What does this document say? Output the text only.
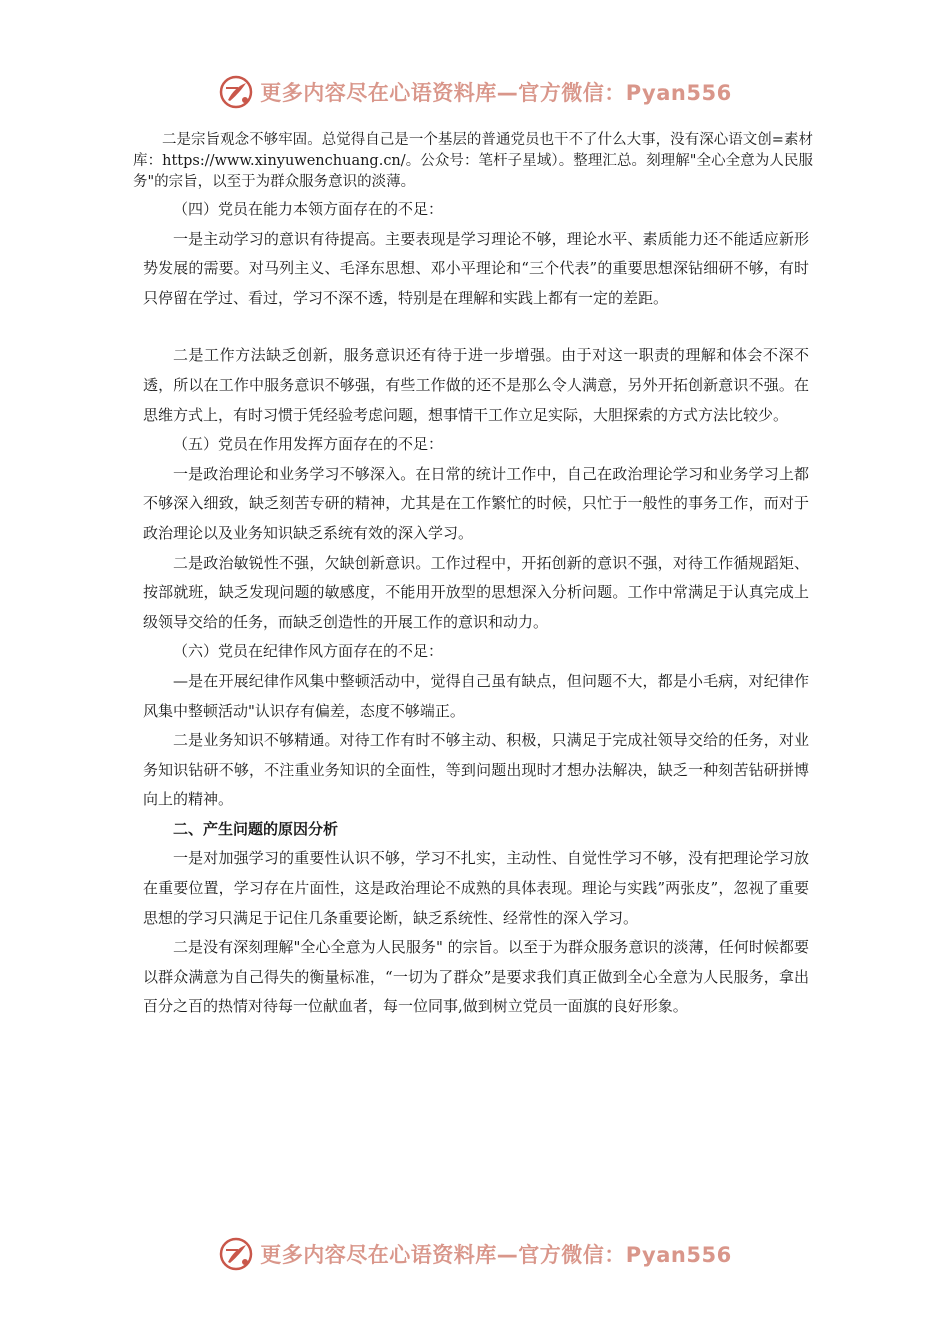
更多内容尽在心语资料库—官方微信：Pyan556

二是宗旨观念不够牢固。总觉得自己是一个基层的普通党员也干不了什么大事，没有深心语文创=素材库：https://www.xinyuwenchuang.cn/。公众号：笔杆子星域）。整理汇总。刻理解"全心全意为人民服务"的宗旨，以至于为群众服务意识的淡薄。

（四）党员在能力本领方面存在的不足：

一是主动学习的意识有待提高。主要表现是学习理论不够，理论水平、素质能力还不能适应新形势发展的需要。对马列主义、毛泽东思想、邓小平理论和“三个代表”的重要思想深钻细研不够，有时只停留在学过、看过，学习不深不透，特别是在理解和实践上都有一定的差距。

二是工作方法缺乏创新，服务意识还有待于进一步增强。由于对这一职责的理解和体会不深不透，所以在工作中服务意识不够强，有些工作做的还不是那么令人满意，另外开拓创新意识不强。在思维方式上，有时习惯于凭经验考虑问题，想事情干工作立足实际，大胆探索的方式方法比较少。

（五）党员在作用发挥方面存在的不足：

一是政治理论和业务学习不够深入。在日常的统计工作中，自己在政治理论学习和业务学习上都不够深入细致，缺乏刻苦专研的精神，尤其是在工作繁忙的时候，只忙于一般性的事务工作，而对于政治理论以及业务知识缺乏系统有效的深入学习。

二是政治敏锐性不强，欠缺创新意识。工作过程中，开拓创新的意识不强，对待工作循规蹈矩、按部就班，缺乏发现问题的敏感度，不能用开放型的思想深入分析问题。工作中常满足于认真完成上级领导交给的任务，而缺乏创造性的开展工作的意识和动力。

（六）党员在纪律作风方面存在的不足：

—是在开展纪律作风集中整顿活动中，觉得自己虽有缺点，但问题不大，都是小毛病，对纪律作风集中整顿活动"认识存有偏差，态度不够端正。

二是业务知识不够精通。对待工作有时不够主动、积极，只满足于完成社领导交给的任务，对业务知识钻研不够，不注重业务知识的全面性，等到问题出现时才想办法解决，缺乏一种刻苦钻研拼博向上的精神。

二、产生问题的原因分析

一是对加强学习的重要性认识不够，学习不扎实，主动性、自觉性学习不够，没有把理论学习放在重要位置，学习存在片面性，这是政治理论不成熟的具体表现。理论与实践”两张皮”，忽视了重要思想的学习只满足于记住几条重要论断，缺乏系统性、经常性的深入学习。

二是没有深刻理解"全心全意为人民服务" 的宗旨。以至于为群众服务意识的淡薄，任何时候都要以群众满意为自己得失的衡量标准，“一切为了群众”是要求我们真正做到全心全意为人民服务，拿出百分之百的热情对待每一位献血者，每一位同事,做到树立党员一面旗的良好形象。

更多内容尽在心语资料库—官方微信：Pyan556
